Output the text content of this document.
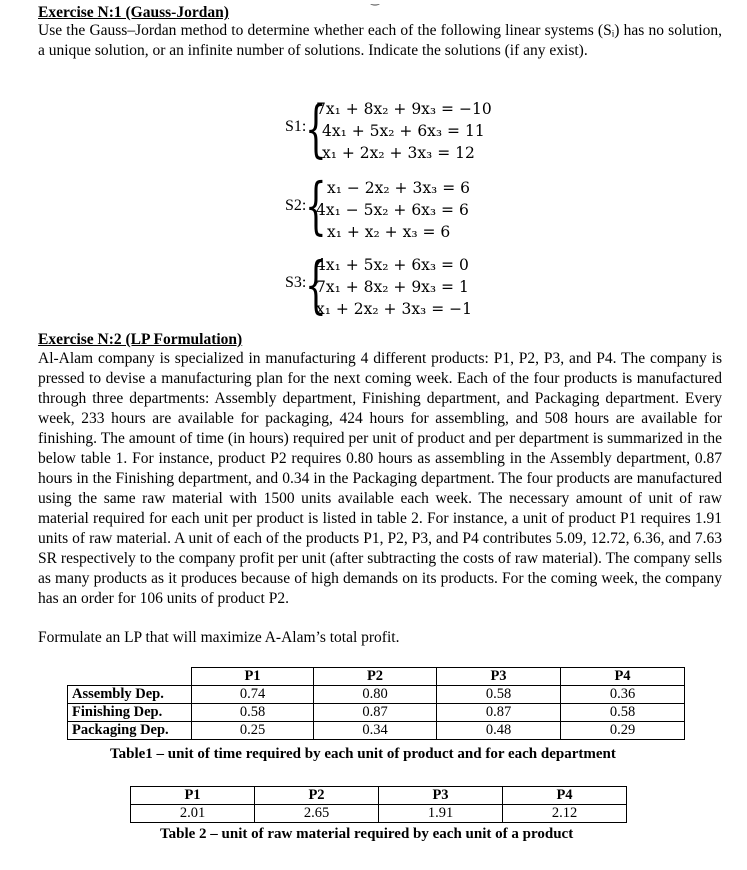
‿
Exercise N:1 (Gauss-Jordan)
Use the Gauss–Jordan method to determine whether each of the following linear systems (Sᵢ) has no solution, a unique solution, or an infinite number of solutions. Indicate the solutions (if any exist).
S1:
{
7x₁ + 8x₂ + 9x₃ = −10
4x₁ + 5x₂ + 6x₃ = 11
x₁ + 2x₂ + 3x₃ = 12
S2:
{ x₁ − 2x₂ + 3x₃ = 6
4x₁ − 5x₂ + 6x₃ = 6
x₁ + x₂ + x₃ = 6
S3:
{
4x₁ + 5x₂ + 6x₃ = 0
7x₁ + 8x₂ + 9x₃ = 1
x₁ + 2x₂ + 3x₃ = −1
Exercise N:2 (LP Formulation)
Al-Alam company is specialized in manufacturing 4 different products: P1, P2, P3, and P4. The company is pressed to devise a manufacturing plan for the next coming week. Each of the four products is manufactured through three departments: Assembly department, Finishing department, and Packaging department. Every week, 233 hours are available for packaging, 424 hours for assembling, and 508 hours are available for finishing. The amount of time (in hours) required per unit of product and per department is summarized in the below table 1. For instance, product P2 requires 0.80 hours as assembling in the Assembly department, 0.87 hours in the Finishing department, and 0.34 in the Packaging department. The four products are manufactured using the same raw material with 1500 units available each week. The necessary amount of unit of raw material required for each unit per product is listed in table 2. For instance, a unit of product P1 requires 1.91 units of raw material. A unit of each of the products P1, P2, P3, and P4 contributes 5.09, 12.72, 6.36, and 7.63 SR respectively to the company profit per unit (after subtracting the costs of raw material). The company sells as many products as it produces because of high demands on its products. For the coming week, the company has an order for 106 units of product P2.
Formulate an LP that will maximize A-Alam’s total profit.
	P1	P2	P3	P4
Assembly Dep.	0.74	0.80	0.58	0.36
Finishing Dep.	0.58	0.87	0.87	0.58
Packaging Dep.	0.25	0.34	0.48	0.29
Table1 – unit of time required by each unit of product and for each department
P1	P2	P3	P4
2.01	2.65	1.91	2.12
Table 2 – unit of raw material required by each unit of a product
